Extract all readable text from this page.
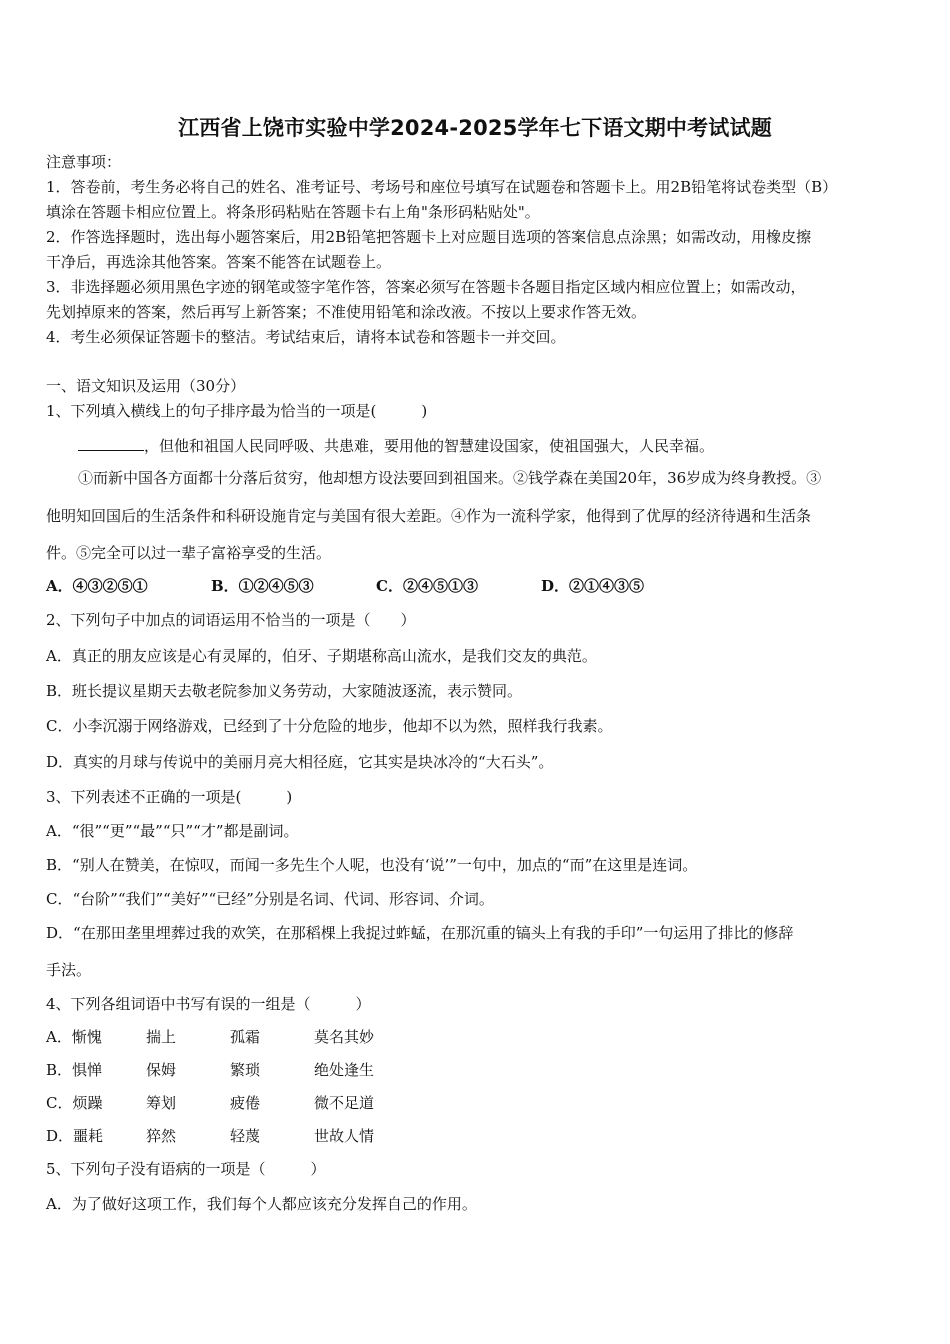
江西省上饶市实验中学2024-2025学年七下语文期中考试试题
注意事项：
1．答卷前，考生务必将自己的姓名、准考证号、考场号和座位号填写在试题卷和答题卡上。用2B铅笔将试卷类型（B）
填涂在答题卡相应位置上。将条形码粘贴在答题卡右上角"条形码粘贴处"。
2．作答选择题时，选出每小题答案后，用2B铅笔把答题卡上对应题目选项的答案信息点涂黑；如需改动，用橡皮擦
干净后，再选涂其他答案。答案不能答在试题卷上。
3．非选择题必须用黑色字迹的钢笔或签字笔作答，答案必须写在答题卡各题目指定区域内相应位置上；如需改动，
先划掉原来的答案，然后再写上新答案；不准使用铅笔和涂改液。不按以上要求作答无效。
4．考生必须保证答题卡的整洁。考试结束后，请将本试卷和答题卡一并交回。
一、语文知识及运用（30分）
1、下列填入横线上的句子排序最为恰当的一项是(　　　)
，但他和祖国人民同呼吸、共患难，要用他的智慧建设国家，使祖国强大，人民幸福。
①而新中国各方面都十分落后贫穷，他却想方设法要回到祖国来。②钱学森在美国20年，36岁成为终身教授。③
他明知回国后的生活条件和科研设施肯定与美国有很大差距。④作为一流科学家，他得到了优厚的经济待遇和生活条
件。⑤完全可以过一辈子富裕享受的生活。
A．④③②⑤①	B．①②④⑤③	C．②④⑤①③	D．②①④③⑤
2、下列句子中加点的词语运用不恰当的一项是（　　）
A．真正的朋友应该是心有灵犀的，伯牙、子期堪称高山流水，是我们交友的典范。
B．班长提议星期天去敬老院参加义务劳动，大家随波逐流，表示赞同。
C．小李沉溺于网络游戏，已经到了十分危险的地步，他却不以为然，照样我行我素。
D．真实的月球与传说中的美丽月亮大相径庭，它其实是块冰冷的“大石头”。
3、下列表述不正确的一项是(　　　)
A．“很”“更”“最”“只”“才”都是副词。
B．“别人在赞美，在惊叹，而闻一多先生个人呢，也没有‘说’”一句中，加点的“而”在这里是连词。
C．“台阶”“我们”“美好”“已经”分别是名词、代词、形容词、介词。
D．“在那田垄里埋葬过我的欢笑，在那稻棵上我捉过蚱蜢，在那沉重的镐头上有我的手印”一句运用了排比的修辞
手法。
4、下列各组词语中书写有误的一组是（　　　）
A．惭愧	揣上	孤霜	莫名其妙
B．惧惮	保姆	繁琐	绝处逢生
C．烦躁	筹划	疲倦	微不足道
D．噩耗	猝然	轻蔑	世故人情
5、下列句子没有语病的一项是（　　　）
A．为了做好这项工作，我们每个人都应该充分发挥自己的作用。
